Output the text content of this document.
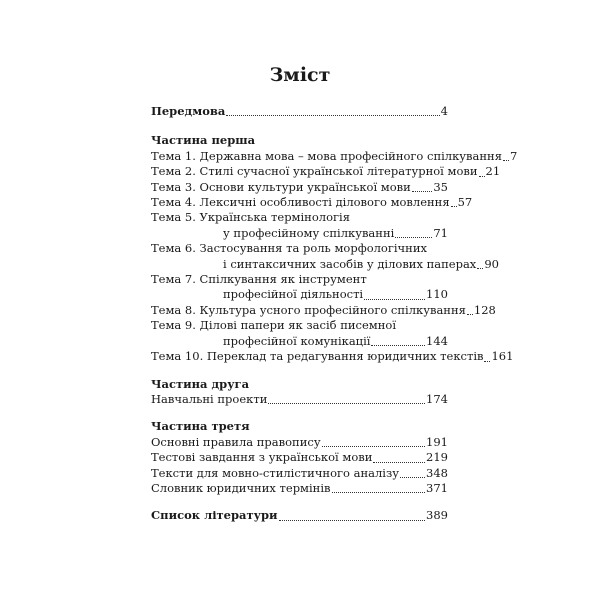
Зміст
Передмова	4
Частина перша
Тема 1. Державна мова – мова професійного спілкування 7
Тема 2. Стилі сучасної української літературної мови 21
Тема 3. Основи культури української мови 35
Тема 4. Лексичні особливості ділового мовлення 57
Тема 5. Українська термінологія
у професійному спілкуванні	71
Тема 6. Застосування та роль морфологічних
і синтаксичних засобів у ділових паперах 90
Тема 7. Спілкування як інструмент
професійної діяльності	110
Тема 8. Культура усного професійного спілкування 128
Тема 9. Ділові папери як засіб писемної
професійної комунікації	144
Тема 10. Переклад та редагування юридичних текстів 161
Частина друга
Навчальні проекти	174
Частина третя
Основні правила правопису	191
Тестові завдання з української мови	219
Тексти для мовно-стилістичного аналізу 348
Словник юридичних термінів	371
Список літератури	389
